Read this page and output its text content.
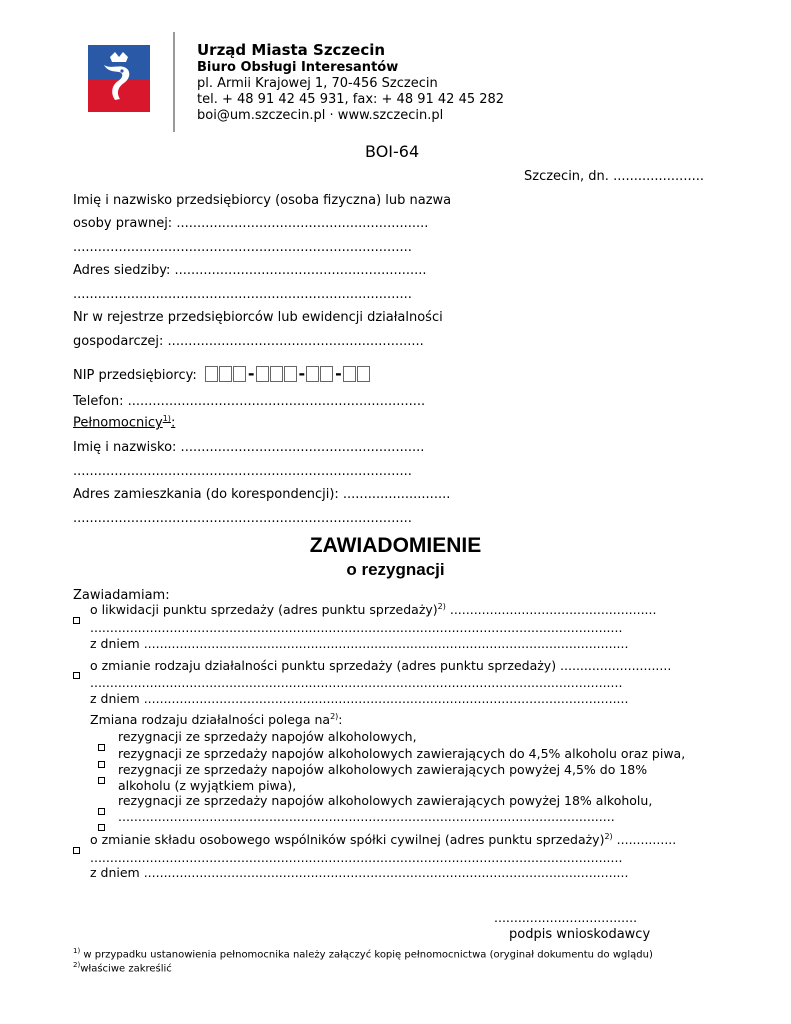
Urząd Miasta Szczecin
Biuro Obsługi Interesantów
pl. Armii Krajowej 1, 70-456 Szczecin
tel. + 48 91 42 45 931, fax: + 48 91 42 45 282
boi@um.szczecin.pl · www.szczecin.pl
BOI-64
Szczecin, dn. ......................
Imię i nazwisko przedsiębiorcy (osoba fizyczna) lub nazwa
osoby prawnej: .............................................................
..................................................................................
Adres siedziby: .............................................................
..................................................................................
Nr w rejestrze przedsiębiorców lub ewidencji działalności
gospodarczej: ..............................................................
NIP przedsiębiorcy:	-	- -
Telefon: ........................................................................
Pełnomocnicy$^{1)}$:
Imię i nazwisko: ...........................................................
..................................................................................
Adres zamieszkania (do korespondencji): ..........................
..................................................................................
ZAWIADOMIENIE
o rezygnacji
Zawiadamiam:
o likwidacji punktu sprzedaży (adres punktu sprzedaży)$^{2)}$ ....................................................
......................................................................................................................................
z dniem ..........................................................................................................................
o zmianie rodzaju działalności punktu sprzedaży (adres punktu sprzedaży) ............................
......................................................................................................................................
z dniem ..........................................................................................................................
Zmiana rodzaju działalności polega $na^{2)}$:
rezygnacji ze sprzedaży napojów alkoholowych,
rezygnacji ze sprzedaży napojów alkoholowych zawierających do 4,5% alkoholu oraz piwa,
rezygnacji ze sprzedaży napojów alkoholowych zawierających powyżej 4,5% do 18%
alkoholu (z wyjątkiem piwa),
rezygnacji ze sprzedaży napojów alkoholowych zawierających powyżej 18% alkoholu,
.............................................................................................................................
o zmianie składu osobowego wspólników spółki cywilnej (adres punktu sprzedaży)$^{2)}$ ...............
......................................................................................................................................
z dniem ..........................................................................................................................
....................................
podpis wnioskodawcy
$^{1)}$ w przypadku ustanowienia pełnomocnika należy załączyć kopię pełnomocnictwa (oryginał dokumentu do wglądu)
$^{2)}$właściwe zakreślić
